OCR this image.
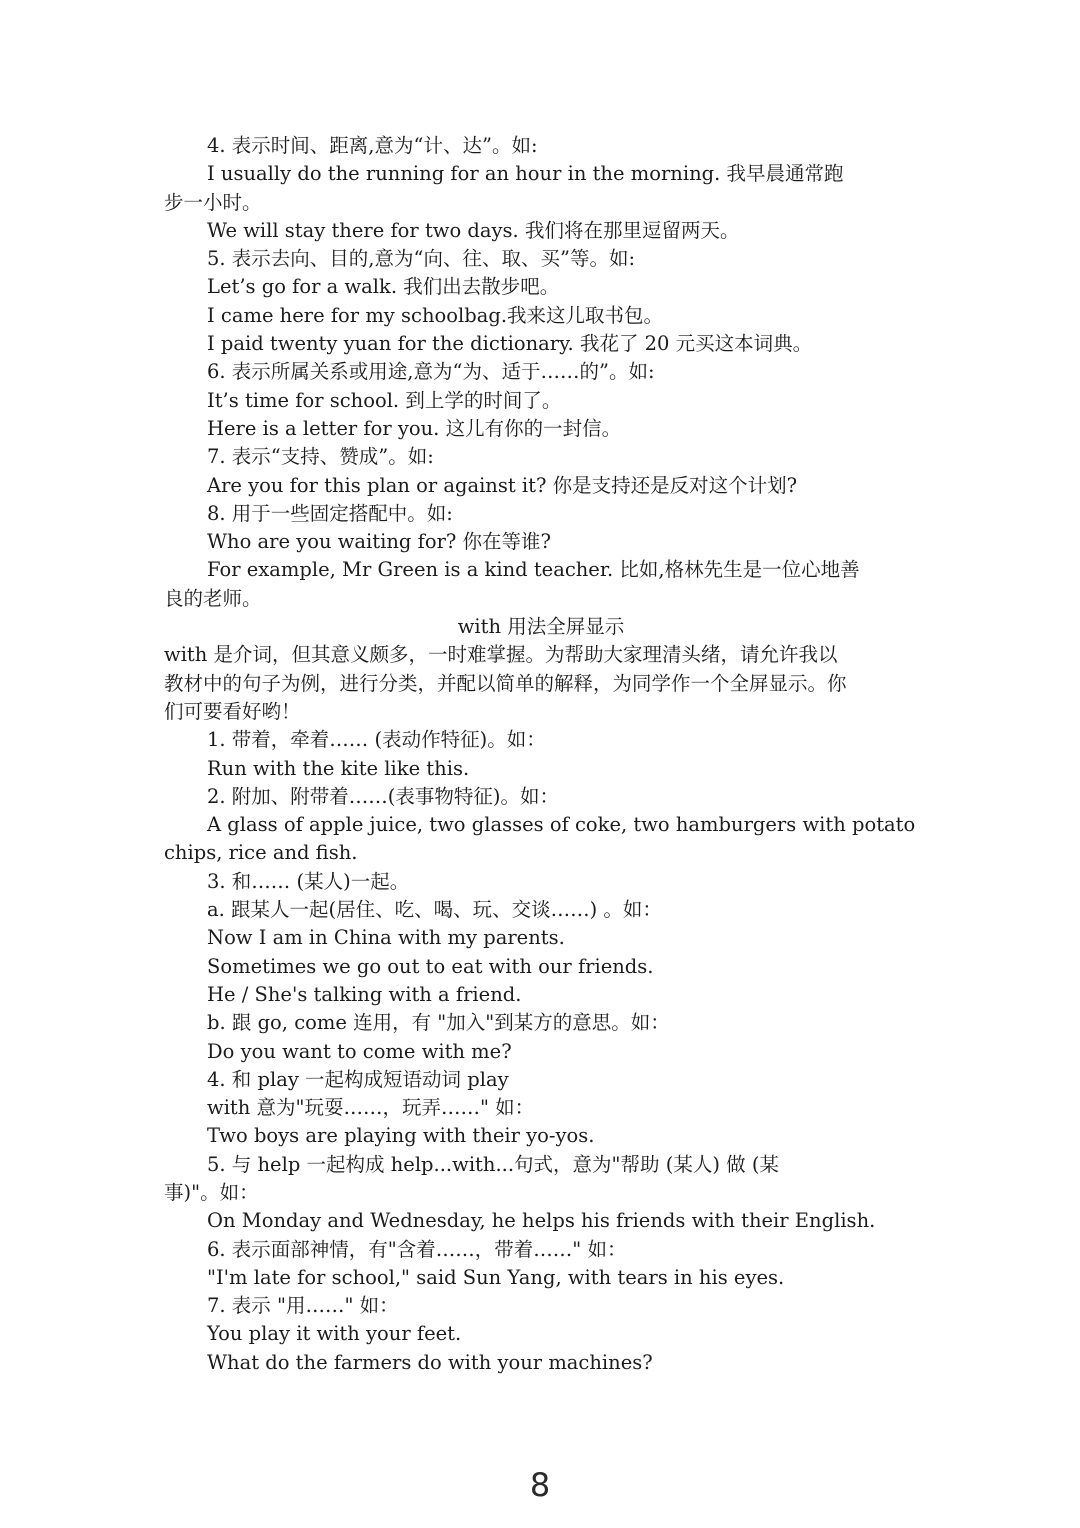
4. 表示时间、距离,意为“计、达”。如:
I usually do the running for an hour in the morning. 我早晨通常跑
步一小时。
We will stay there for two days. 我们将在那里逗留两天。
5. 表示去向、目的,意为“向、往、取、买”等。如:
Let’s go for a walk. 我们出去散步吧。
I came here for my schoolbag.我来这儿取书包。
I paid twenty yuan for the dictionary. 我花了 20 元买这本词典。
6. 表示所属关系或用途,意为“为、适于……的”。如:
It’s time for school. 到上学的时间了。
Here is a letter for you. 这儿有你的一封信。
7. 表示“支持、赞成”。如:
Are you for this plan or against it? 你是支持还是反对这个计划?
8. 用于一些固定搭配中。如:
Who are you waiting for? 你在等谁?
For example, Mr Green is a kind teacher. 比如,格林先生是一位心地善
良的老师。
with 用法全屏显示
with 是介词，但其意义颇多，一时难掌握。为帮助大家理清头绪，请允许我以
教材中的句子为例，进行分类，并配以简单的解释，为同学作一个全屏显示。你
们可要看好哟！
1. 带着，牵着…… (表动作特征)。如：
Run with the kite like this.
2. 附加、附带着……(表事物特征)。如：
A glass of apple juice, two glasses of coke, two hamburgers with potato
chips, rice and fish.
3. 和…… (某人)一起。
a. 跟某人一起(居住、吃、喝、玩、交谈……) 。如：
Now I am in China with my parents.
Sometimes we go out to eat with our friends.
He / She's talking with a friend.
b. 跟 go, come 连用，有 "加入"到某方的意思。如：
Do you want to come with me?
4. 和 play 一起构成短语动词 play
with 意为"玩耍……，玩弄……" 如：
Two boys are playing with their yo-yos.
5. 与 help 一起构成 help...with...句式，意为"帮助 (某人) 做 (某
事)"。如：
On Monday and Wednesday, he helps his friends with their English.
6. 表示面部神情，有"含着……，带着……" 如：
"I'm late for school," said Sun Yang, with tears in his eyes.
7. 表示 "用……" 如：
You play it with your feet.
What do the farmers do with your machines?
8
